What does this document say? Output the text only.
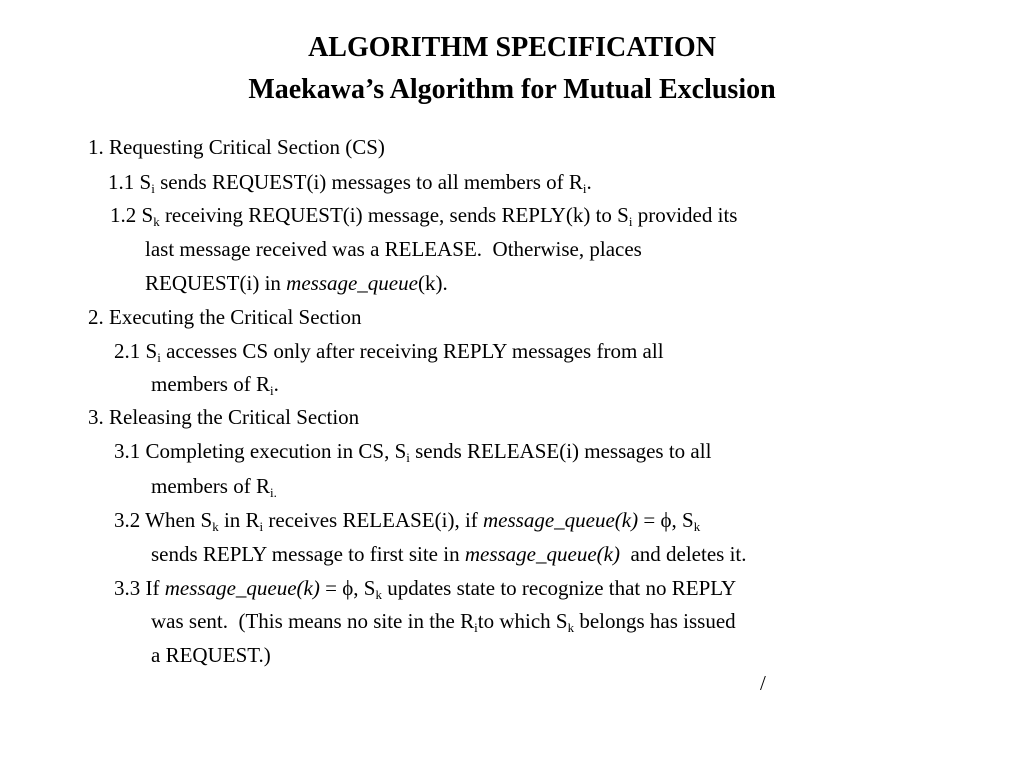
ALGORITHM SPECIFICATION
Maekawa’s Algorithm for Mutual Exclusion
1. Requesting Critical Section (CS)
1.1 $S_i$ sends REQUEST(i) messages to all members of $R_i$.
1.2 $S_k$ receiving REQUEST(i) message, sends REPLY(k) to $S_i$ provided its
last message received was a RELEASE.  Otherwise, places
REQUEST(i) in message_queue(k).
2. Executing the Critical Section
2.1 $S_i$ accesses CS only after receiving REPLY messages from all
members of $R_i$.
3. Releasing the Critical Section
3.1 Completing execution in CS, $S_i$ sends RELEASE(i) messages to all
members of $R_{i.}$
3.2 When $S_k$ in $R_i$ receives RELEASE(i), if message_queue(k) = ϕ, $S_k$
sends REPLY message to first site in message_queue(k)  and deletes it.
3.3 If message_queue(k) = ϕ, $S_k$ updates state to recognize that no REPLY
was sent.  (This means no site in the $R_ito$ which $S_k$ belongs has issued
a REQUEST.)
/
